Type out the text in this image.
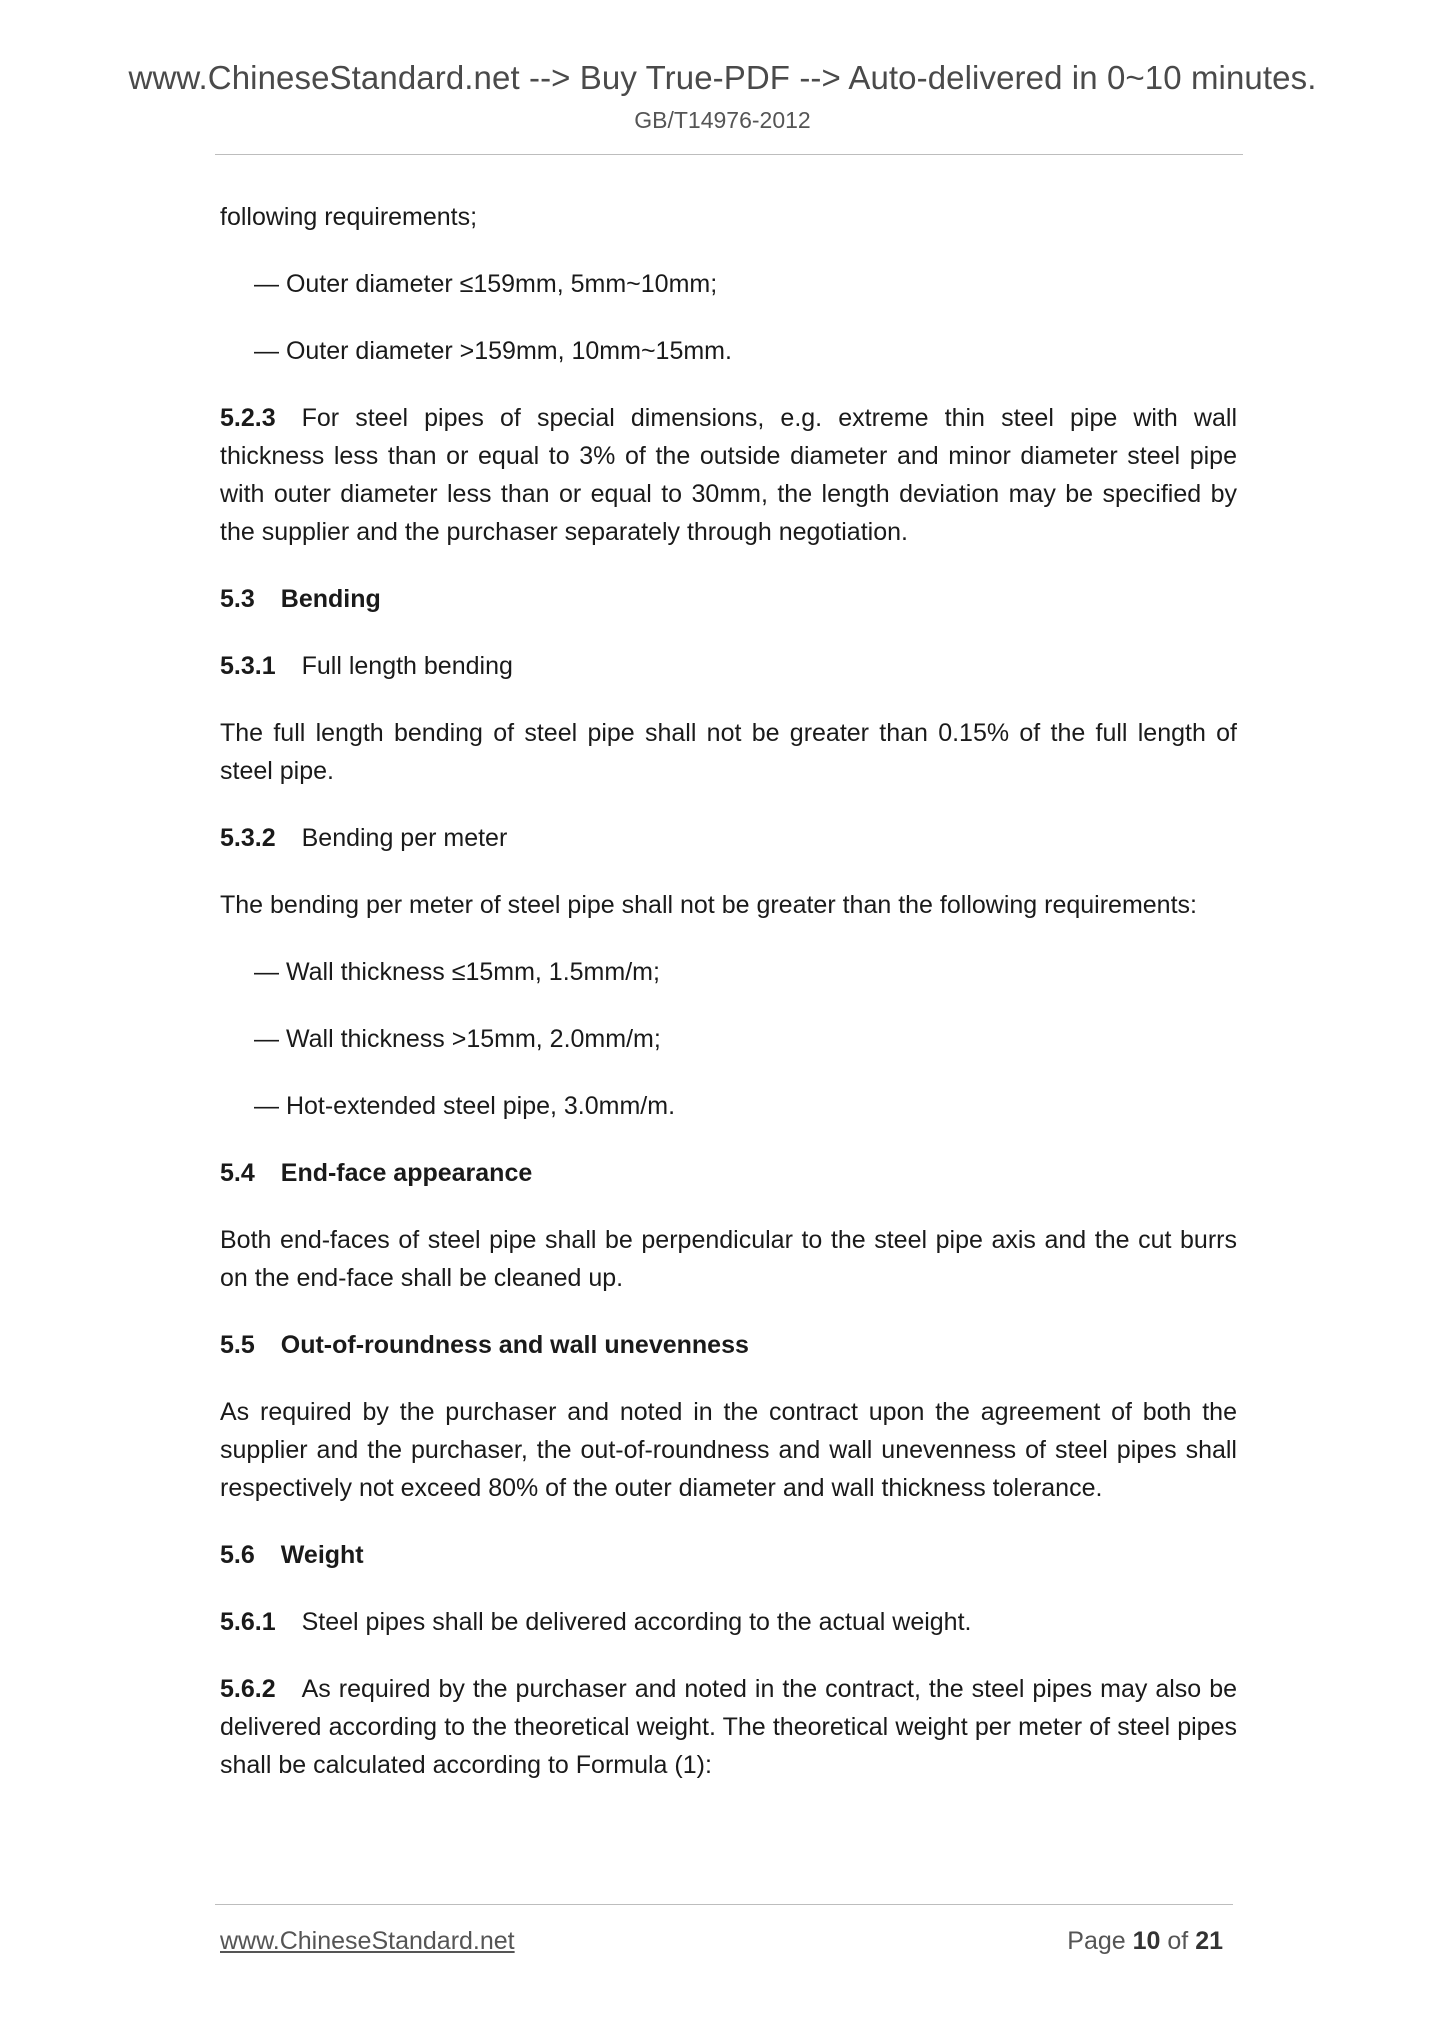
www.ChineseStandard.net --> Buy True-PDF --> Auto-delivered in 0~10 minutes.
GB/T14976-2012
following requirements;
— Outer diameter ≤159mm, 5mm~10mm;
— Outer diameter >159mm, 10mm~15mm.
5.2.3 For steel pipes of special dimensions, e.g. extreme thin steel pipe with wall thickness less than or equal to 3% of the outside diameter and minor diameter steel pipe with outer diameter less than or equal to 30mm, the length deviation may be specified by the supplier and the purchaser separately through negotiation.
5.3 Bending
5.3.1 Full length bending
The full length bending of steel pipe shall not be greater than 0.15% of the full length of steel pipe.
5.3.2 Bending per meter
The bending per meter of steel pipe shall not be greater than the following requirements:
— Wall thickness ≤15mm, 1.5mm/m;
— Wall thickness >15mm, 2.0mm/m;
— Hot-extended steel pipe, 3.0mm/m.
5.4 End-face appearance
Both end-faces of steel pipe shall be perpendicular to the steel pipe axis and the cut burrs on the end-face shall be cleaned up.
5.5 Out-of-roundness and wall unevenness
As required by the purchaser and noted in the contract upon the agreement of both the supplier and the purchaser, the out-of-roundness and wall unevenness of steel pipes shall respectively not exceed 80% of the outer diameter and wall thickness tolerance.
5.6 Weight
5.6.1 Steel pipes shall be delivered according to the actual weight.
5.6.2 As required by the purchaser and noted in the contract, the steel pipes may also be delivered according to the theoretical weight. The theoretical weight per meter of steel pipes shall be calculated according to Formula (1):
www.ChineseStandard.net	Page 10 of 21
